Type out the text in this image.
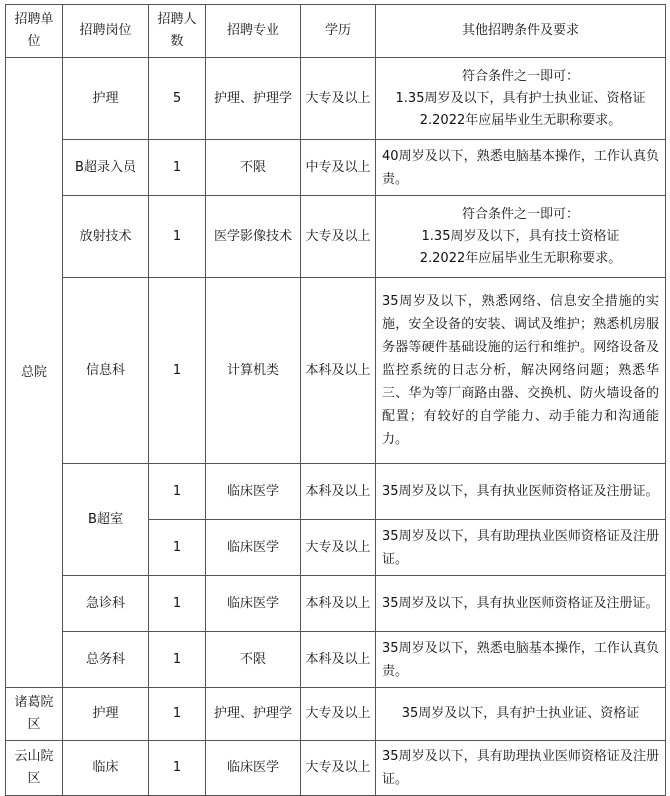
招聘单位	招聘岗位	招聘人数	招聘专业	学历	其他招聘条件及要求
总院	护理	5	护理、护理学	大专及以上	符合条件之一即可：
1.35周岁及以下，具有护士执业证、资格证
2.2022年应届毕业生无职称要求。

	B超录入员	1	不限	中专及以上	40周岁及以下，熟悉电脑基本操作，工作认真负责。
	放射技术	1	医学影像技术	大专及以上	符合条件之一即可：
1.35周岁及以下，具有技士资格证
2.2022年应届毕业生无职称要求。

	信息科	1	计算机类	本科及以上	35周岁及以下，熟悉网络、信息安全措施的实施，安全设备的安装、调试及维护；熟悉机房服务器等硬件基础设施的运行和维护。网络设备及监控系统的日志分析，解决网络问题；熟悉华三、华为等厂商路由器、交换机、防火墙设备的配置；有较好的自学能力、动手能力和沟通能力。
	B超室	1	临床医学	本科及以上	35周岁及以下，具有执业医师资格证及注册证。
		1	临床医学	大专及以上	35周岁及以下，具有助理执业医师资格证及注册证。
	急诊科	1	临床医学	本科及以上	35周岁及以下，具有执业医师资格证及注册证。
	总务科	1	不限	本科及以上	35周岁及以下，熟悉电脑基本操作，工作认真负责。
诸葛院区	护理	1	护理、护理学	大专及以上	35周岁及以下，具有护士执业证、资格证
云山院区	临床	1	临床医学	大专及以上	35周岁及以下，具有助理执业医师资格证及注册证。
